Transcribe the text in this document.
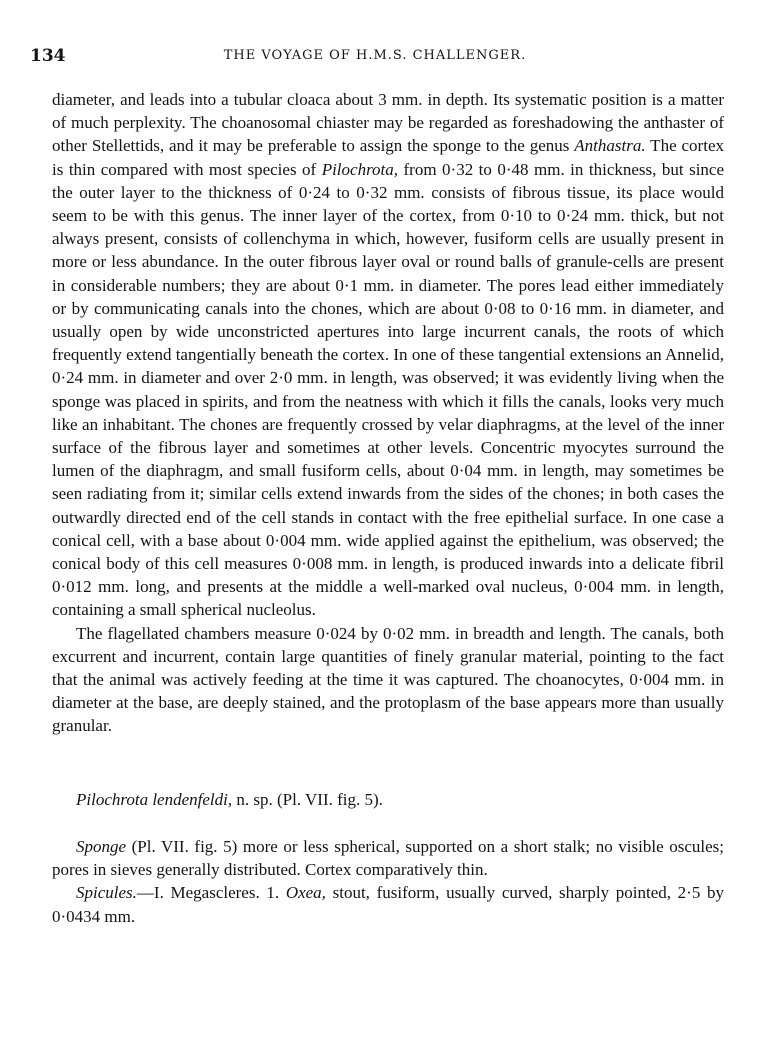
134	THE VOYAGE OF H.M.S. CHALLENGER.

diameter, and leads into a tubular cloaca about 3 mm. in depth. Its systematic position is a matter of much perplexity. The choanosomal chiaster may be regarded as foreshadowing the anthaster of other Stellettids, and it may be preferable to assign the sponge to the genus Anthastra. The cortex is thin compared with most species of Pilochrota, from 0·32 to 0·48 mm. in thickness, but since the outer layer to the thickness of 0·24 to 0·32 mm. consists of fibrous tissue, its place would seem to be with this genus. The inner layer of the cortex, from 0·10 to 0·24 mm. thick, but not always present, consists of collenchyma in which, however, fusiform cells are usually present in more or less abundance. In the outer fibrous layer oval or round balls of granule-cells are present in considerable numbers; they are about 0·1 mm. in diameter. The pores lead either immediately or by communicating canals into the chones, which are about 0·08 to 0·16 mm. in diameter, and usually open by wide unconstricted apertures into large incurrent canals, the roots of which frequently extend tangentially beneath the cortex. In one of these tangential extensions an Annelid, 0·24 mm. in diameter and over 2·0 mm. in length, was observed; it was evidently living when the sponge was placed in spirits, and from the neatness with which it fills the canals, looks very much like an inhabitant. The chones are frequently crossed by velar diaphragms, at the level of the inner surface of the fibrous layer and sometimes at other levels. Concentric myocytes surround the lumen of the diaphragm, and small fusiform cells, about 0·04 mm. in length, may sometimes be seen radiating from it; similar cells extend inwards from the sides of the chones; in both cases the outwardly directed end of the cell stands in contact with the free epithelial surface. In one case a conical cell, with a base about 0·004 mm. wide applied against the epithelium, was observed; the conical body of this cell measures 0·008 mm. in length, is produced inwards into a delicate fibril 0·012 mm. long, and presents at the middle a well-marked oval nucleus, 0·004 mm. in length, containing a small spherical nucleolus.

The flagellated chambers measure 0·024 by 0·02 mm. in breadth and length. The canals, both excurrent and incurrent, contain large quantities of finely granular material, pointing to the fact that the animal was actively feeding at the time it was captured. The choanocytes, 0·004 mm. in diameter at the base, are deeply stained, and the protoplasm of the base appears more than usually granular.

Pilochrota lendenfeldi, n. sp. (Pl. VII. fig. 5).

Sponge (Pl. VII. fig. 5) more or less spherical, supported on a short stalk; no visible oscules; pores in sieves generally distributed. Cortex comparatively thin.

Spicules.—I. Megascleres. 1. Oxea, stout, fusiform, usually curved, sharply pointed, 2·5 by 0·0434 mm.
